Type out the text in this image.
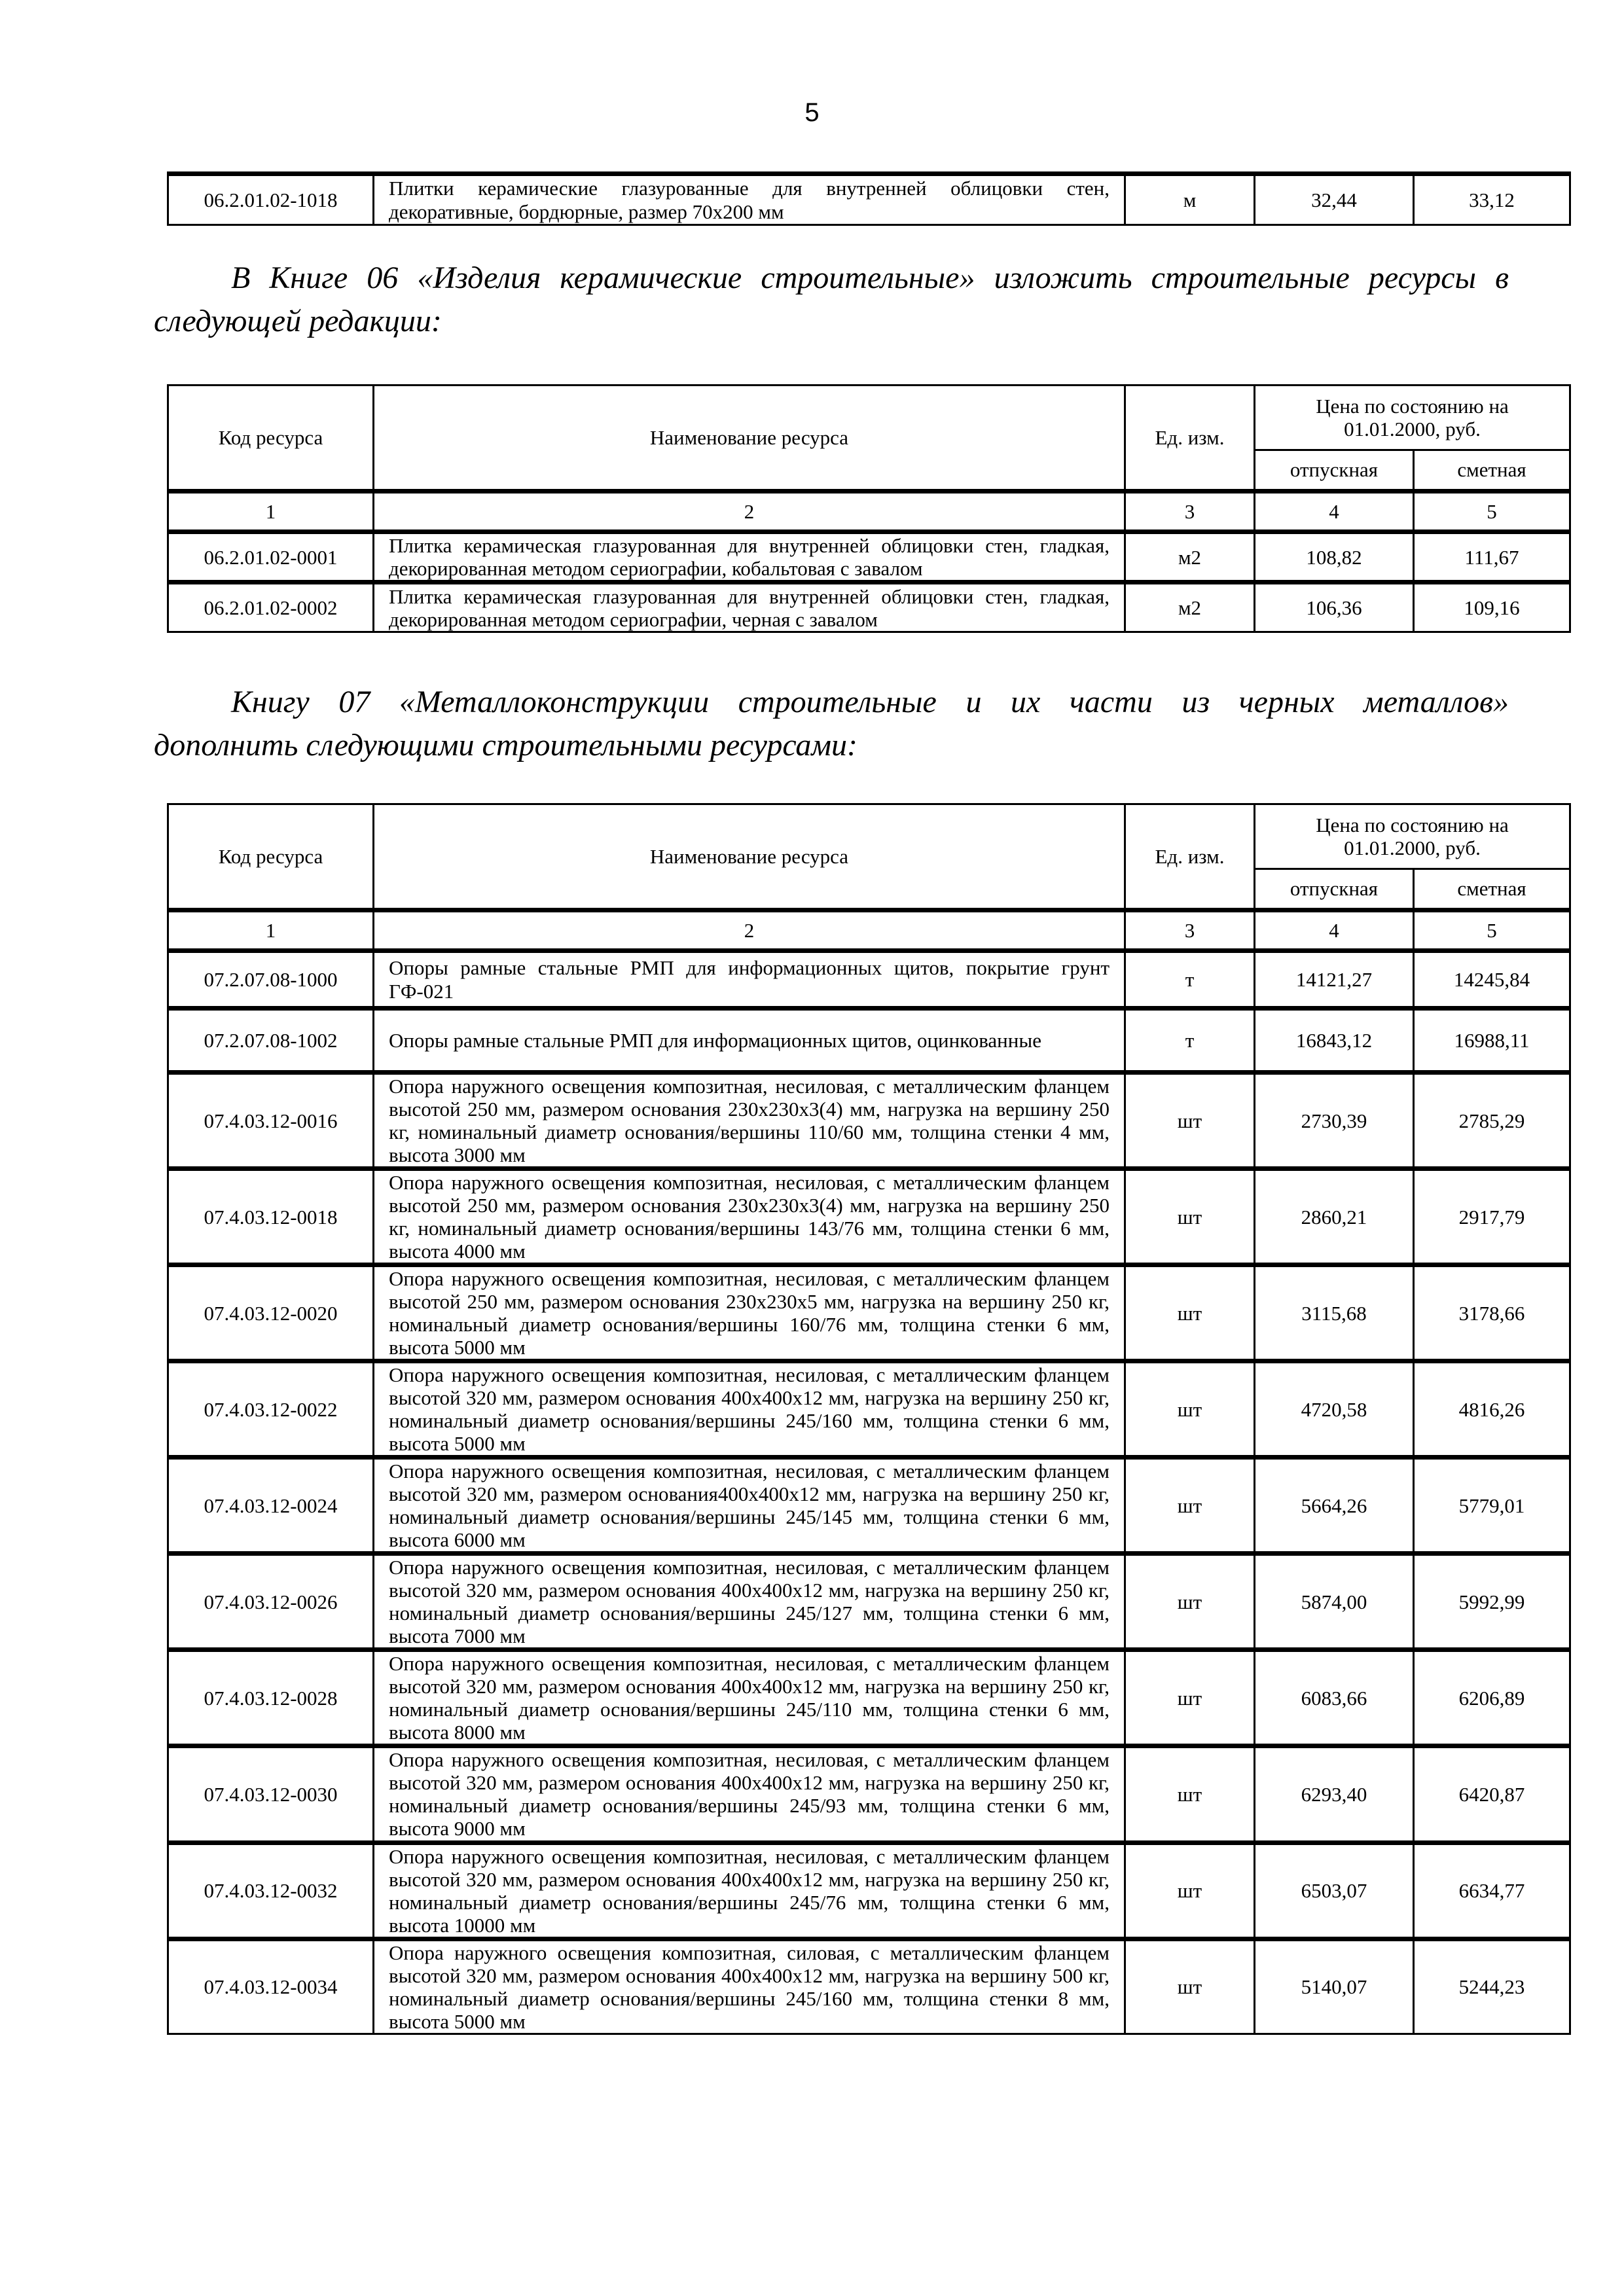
5
06.2.01.02-1018	Плитки керамические глазурованные для внутренней облицовки стен, декоративные, бордюрные, размер 70х200 мм	м	32,44	33,12
В Книге 06 «Изделия керамические строительные» изложить строительные ресурсы в
следующей редакции:
Код ресурса	Наименование ресурса	Ед. изм.	Цена по состоянию на 01.01.2000, руб.	
			отпускная	сметная
1	2	3	4	5
06.2.01.02-0001	Плитка керамическая глазурованная для внутренней облицовки стен, гладкая, декорированная методом сериографии, кобальтовая с завалом	м2	108,82	111,67
06.2.01.02-0002	Плитка керамическая глазурованная для внутренней облицовки стен, гладкая, декорированная методом сериографии, черная с завалом	м2	106,36	109,16
Книгу 07 «Металлоконструкции строительные и их части из черных металлов»
дополнить следующими строительными ресурсами:
Код ресурса	Наименование ресурса	Ед. изм.	Цена по состоянию на 01.01.2000, руб.	
			отпускная	сметная
1	2	3	4	5
07.2.07.08-1000	Опоры рамные стальные РМП для информационных щитов, покрытие грунт ГФ-021	т	14121,27	14245,84
07.2.07.08-1002	Опоры рамные стальные РМП для информационных щитов, оцинкованные	т	16843,12	16988,11
07.4.03.12-0016	Опора наружного освещения композитная, несиловая, с металлическим фланцем высотой 250 мм, размером основания 230х230х3(4) мм, нагрузка на вершину 250 кг, номинальный диаметр основания/вершины 110/60 мм, толщина стенки 4 мм, высота 3000 мм	шт	2730,39	2785,29
07.4.03.12-0018	Опора наружного освещения композитная, несиловая, с металлическим фланцем высотой 250 мм, размером основания 230х230х3(4) мм, нагрузка на вершину 250 кг, номинальный диаметр основания/вершины 143/76 мм, толщина стенки 6 мм, высота 4000 мм	шт	2860,21	2917,79
07.4.03.12-0020	Опора наружного освещения композитная, несиловая, с металлическим фланцем высотой 250 мм, размером основания 230х230х5 мм, нагрузка на вершину 250 кг, номинальный диаметр основания/вершины 160/76 мм, толщина стенки 6 мм, высота 5000 мм	шт	3115,68	3178,66
07.4.03.12-0022	Опора наружного освещения композитная, несиловая, с металлическим фланцем высотой 320 мм, размером основания 400х400х12 мм, нагрузка на вершину 250 кг, номинальный диаметр основания/вершины 245/160 мм, толщина стенки 6 мм, высота 5000 мм	шт	4720,58	4816,26
07.4.03.12-0024	Опора наружного освещения композитная, несиловая, с металлическим фланцем высотой 320 мм, размером основания400х400х12 мм, нагрузка на вершину 250 кг, номинальный диаметр основания/вершины 245/145 мм, толщина стенки 6 мм, высота 6000 мм	шт	5664,26	5779,01
07.4.03.12-0026	Опора наружного освещения композитная, несиловая, с металлическим фланцем высотой 320 мм, размером основания 400х400х12 мм, нагрузка на вершину 250 кг, номинальный диаметр основания/вершины 245/127 мм, толщина стенки 6 мм, высота 7000 мм	шт	5874,00	5992,99
07.4.03.12-0028	Опора наружного освещения композитная, несиловая, с металлическим фланцем высотой 320 мм, размером основания 400х400х12 мм, нагрузка на вершину 250 кг, номинальный диаметр основания/вершины 245/110 мм, толщина стенки 6 мм, высота 8000 мм	шт	6083,66	6206,89
07.4.03.12-0030	Опора наружного освещения композитная, несиловая, с металлическим фланцем высотой 320 мм, размером основания 400х400х12 мм, нагрузка на вершину 250 кг, номинальный диаметр основания/вершины 245/93 мм, толщина стенки 6 мм, высота 9000 мм	шт	6293,40	6420,87
07.4.03.12-0032	Опора наружного освещения композитная, несиловая, с металлическим фланцем высотой 320 мм, размером основания 400х400х12 мм, нагрузка на вершину 250 кг, номинальный диаметр основания/вершины 245/76 мм, толщина стенки 6 мм, высота 10000 мм	шт	6503,07	6634,77
07.4.03.12-0034	Опора наружного освещения композитная, силовая, с металлическим фланцем высотой 320 мм, размером основания 400х400х12 мм, нагрузка на вершину 500 кг, номинальный диаметр основания/вершины 245/160 мм, толщина стенки 8 мм, высота 5000 мм	шт	5140,07	5244,23
